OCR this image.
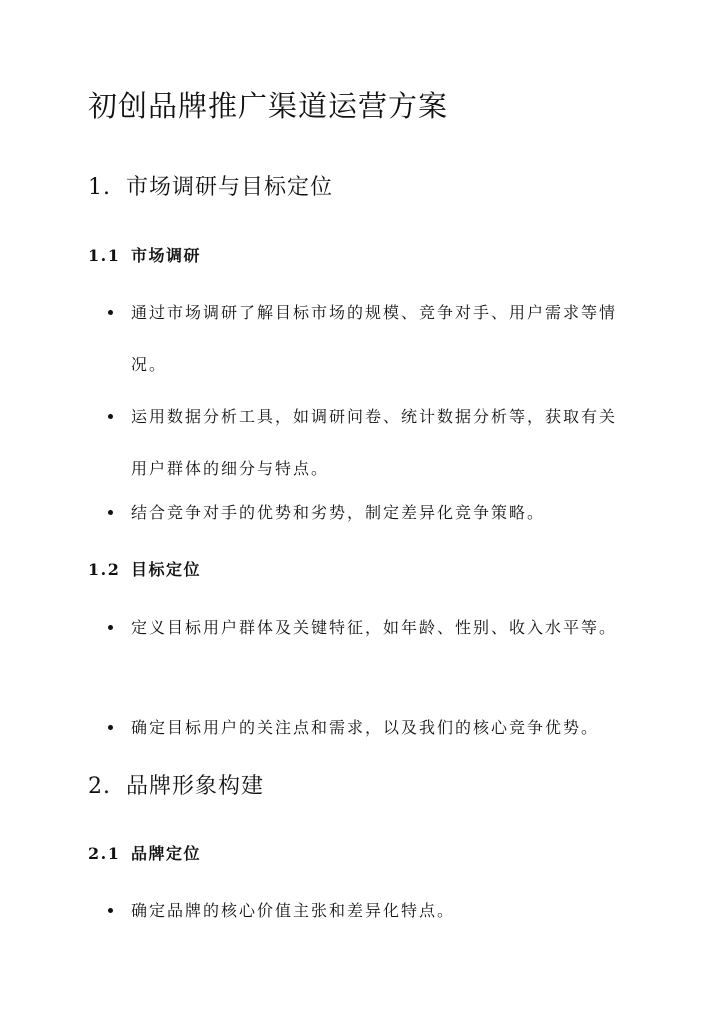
初创品牌推广渠道运营方案
1. 市场调研与目标定位
1.1 市场调研
通过市场调研了解目标市场的规模、竞争对手、用户需求等情况。
运用数据分析工具，如调研问卷、统计数据分析等，获取有关用户群体的细分与特点。
结合竞争对手的优势和劣势，制定差异化竞争策略。
1.2 目标定位
定义目标用户群体及关键特征，如年龄、性别、收入水平等。
确定目标用户的关注点和需求，以及我们的核心竞争优势。
2. 品牌形象构建
2.1 品牌定位
确定品牌的核心价值主张和差异化特点。
